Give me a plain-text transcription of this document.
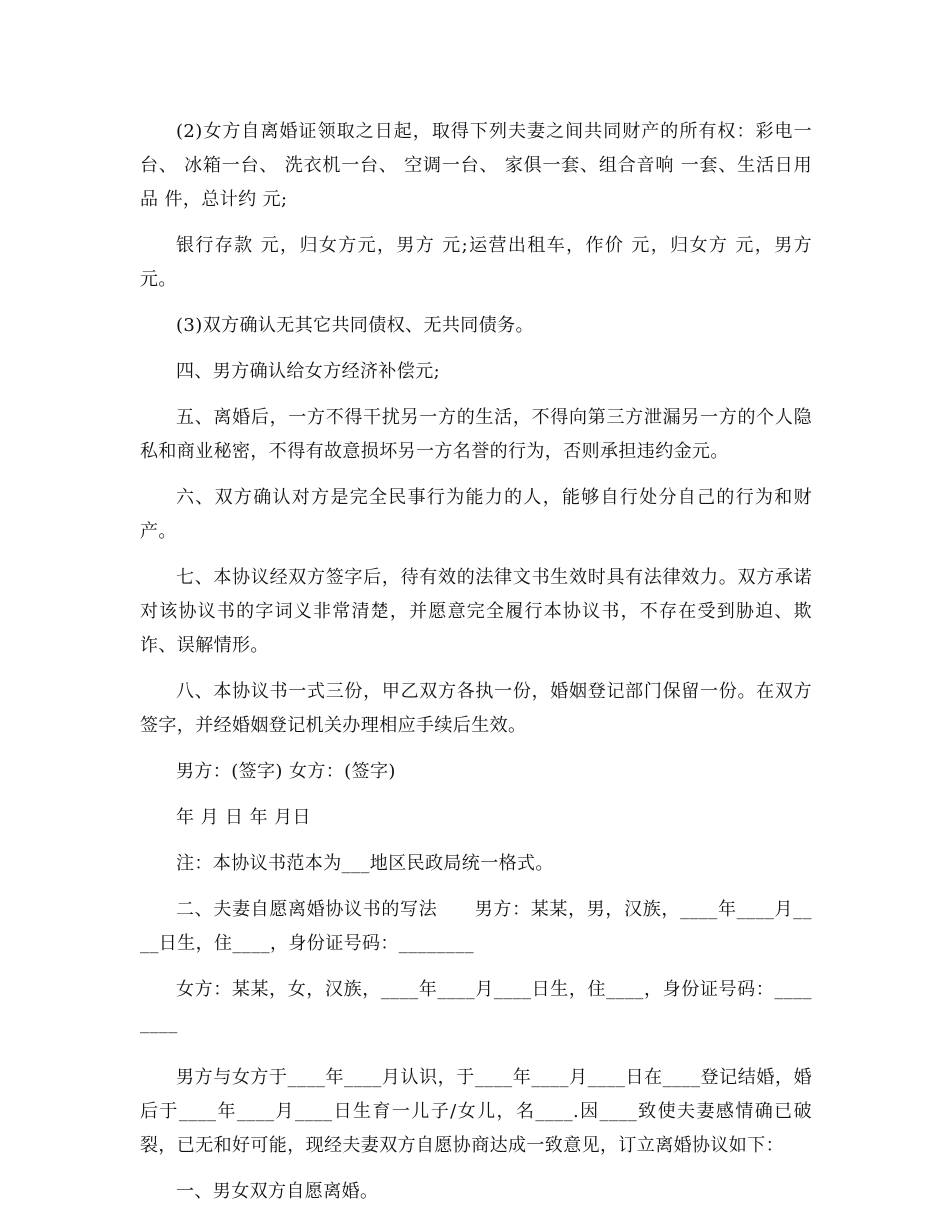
(2)女方自离婚证领取之日起，取得下列夫妻之间共同财产的所有权：彩电一台、 冰箱一台、 洗衣机一台、 空调一台、 家俱一套、组合音响 一套、生活日用品 件，总计约 元;

银行存款 元，归女方元，男方 元;运营出租车，作价 元，归女方 元，男方元。

(3)双方确认无其它共同债权、无共同债务。

四、男方确认给女方经济补偿元;

五、离婚后，一方不得干扰另一方的生活，不得向第三方泄漏另一方的个人隐私和商业秘密，不得有故意损坏另一方名誉的行为，否则承担违约金元。

六、双方确认对方是完全民事行为能力的人，能够自行处分自己的行为和财产。

七、本协议经双方签字后，待有效的法律文书生效时具有法律效力。双方承诺对该协议书的字词义非常清楚，并愿意完全履行本协议书，不存在受到胁迫、欺诈、误解情形。

八、本协议书一式三份，甲乙双方各执一份，婚姻登记部门保留一份。在双方签字，并经婚姻登记机关办理相应手续后生效。

男方：(签字) 女方：(签字)

年 月 日 年 月日

注：本协议书范本为___地区民政局统一格式。

二、夫妻自愿离婚协议书的写法　　男方：某某，男，汉族，____年____月____日生，住____，身份证号码：________

女方：某某，女，汉族，____年____月____日生，住____，身份证号码：________

男方与女方于____年____月认识，于____年____月____日在____登记结婚，婚后于____年____月____日生育一儿子/女儿，名____.因____致使夫妻感情确已破裂，已无和好可能，现经夫妻双方自愿协商达成一致意见，订立离婚协议如下：

一、男女双方自愿离婚。
